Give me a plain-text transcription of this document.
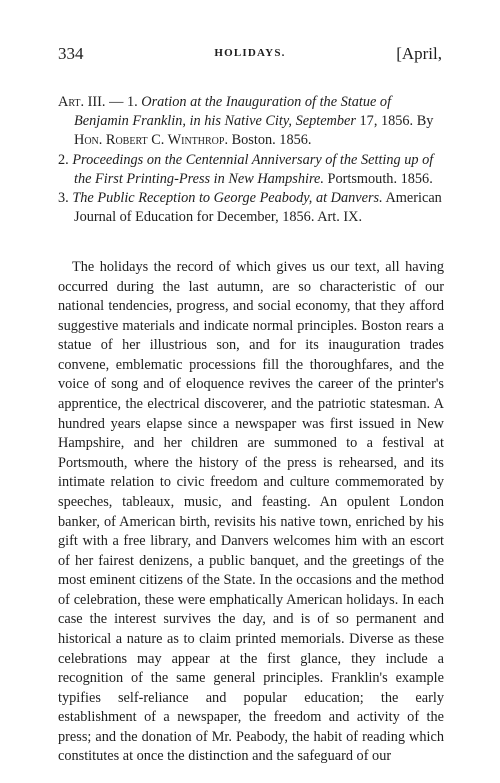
334	HOLIDAYS.	[April,

Art. III. — 1. Oration at the Inauguration of the Statue of Benjamin Franklin, in his Native City, September 17, 1856. By Hon. Robert C. Winthrop. Boston. 1856.

2. Proceedings on the Centennial Anniversary of the Setting up of the First Printing-Press in New Hampshire. Portsmouth. 1856.

3. The Public Reception to George Peabody, at Danvers. American Journal of Education for December, 1856. Art. IX.

The holidays the record of which gives us our text, all having occurred during the last autumn, are so characteristic of our national tendencies, progress, and social economy, that they afford suggestive materials and indicate normal principles. Boston rears a statue of her illustrious son, and for its inauguration trades convene, emblematic processions fill the thoroughfares, and the voice of song and of eloquence revives the career of the printer's apprentice, the electrical discoverer, and the patriotic statesman. A hundred years elapse since a newspaper was first issued in New Hampshire, and her children are summoned to a festival at Portsmouth, where the history of the press is rehearsed, and its intimate relation to civic freedom and culture commemorated by speeches, tableaux, music, and feasting. An opulent London banker, of American birth, revisits his native town, enriched by his gift with a free library, and Danvers welcomes him with an escort of her fairest denizens, a public banquet, and the greetings of the most eminent citizens of the State. In the occasions and the method of celebration, these were emphatically American holidays. In each case the interest survives the day, and is of so permanent and historical a nature as to claim printed memorials. Diverse as these celebrations may appear at the first glance, they include a recognition of the same general principles. Franklin's example typifies self-reliance and popular education; the early establishment of a newspaper, the freedom and activity of the press; and the donation of Mr. Peabody, the habit of reading which constitutes at once the distinction and the safeguard of our
